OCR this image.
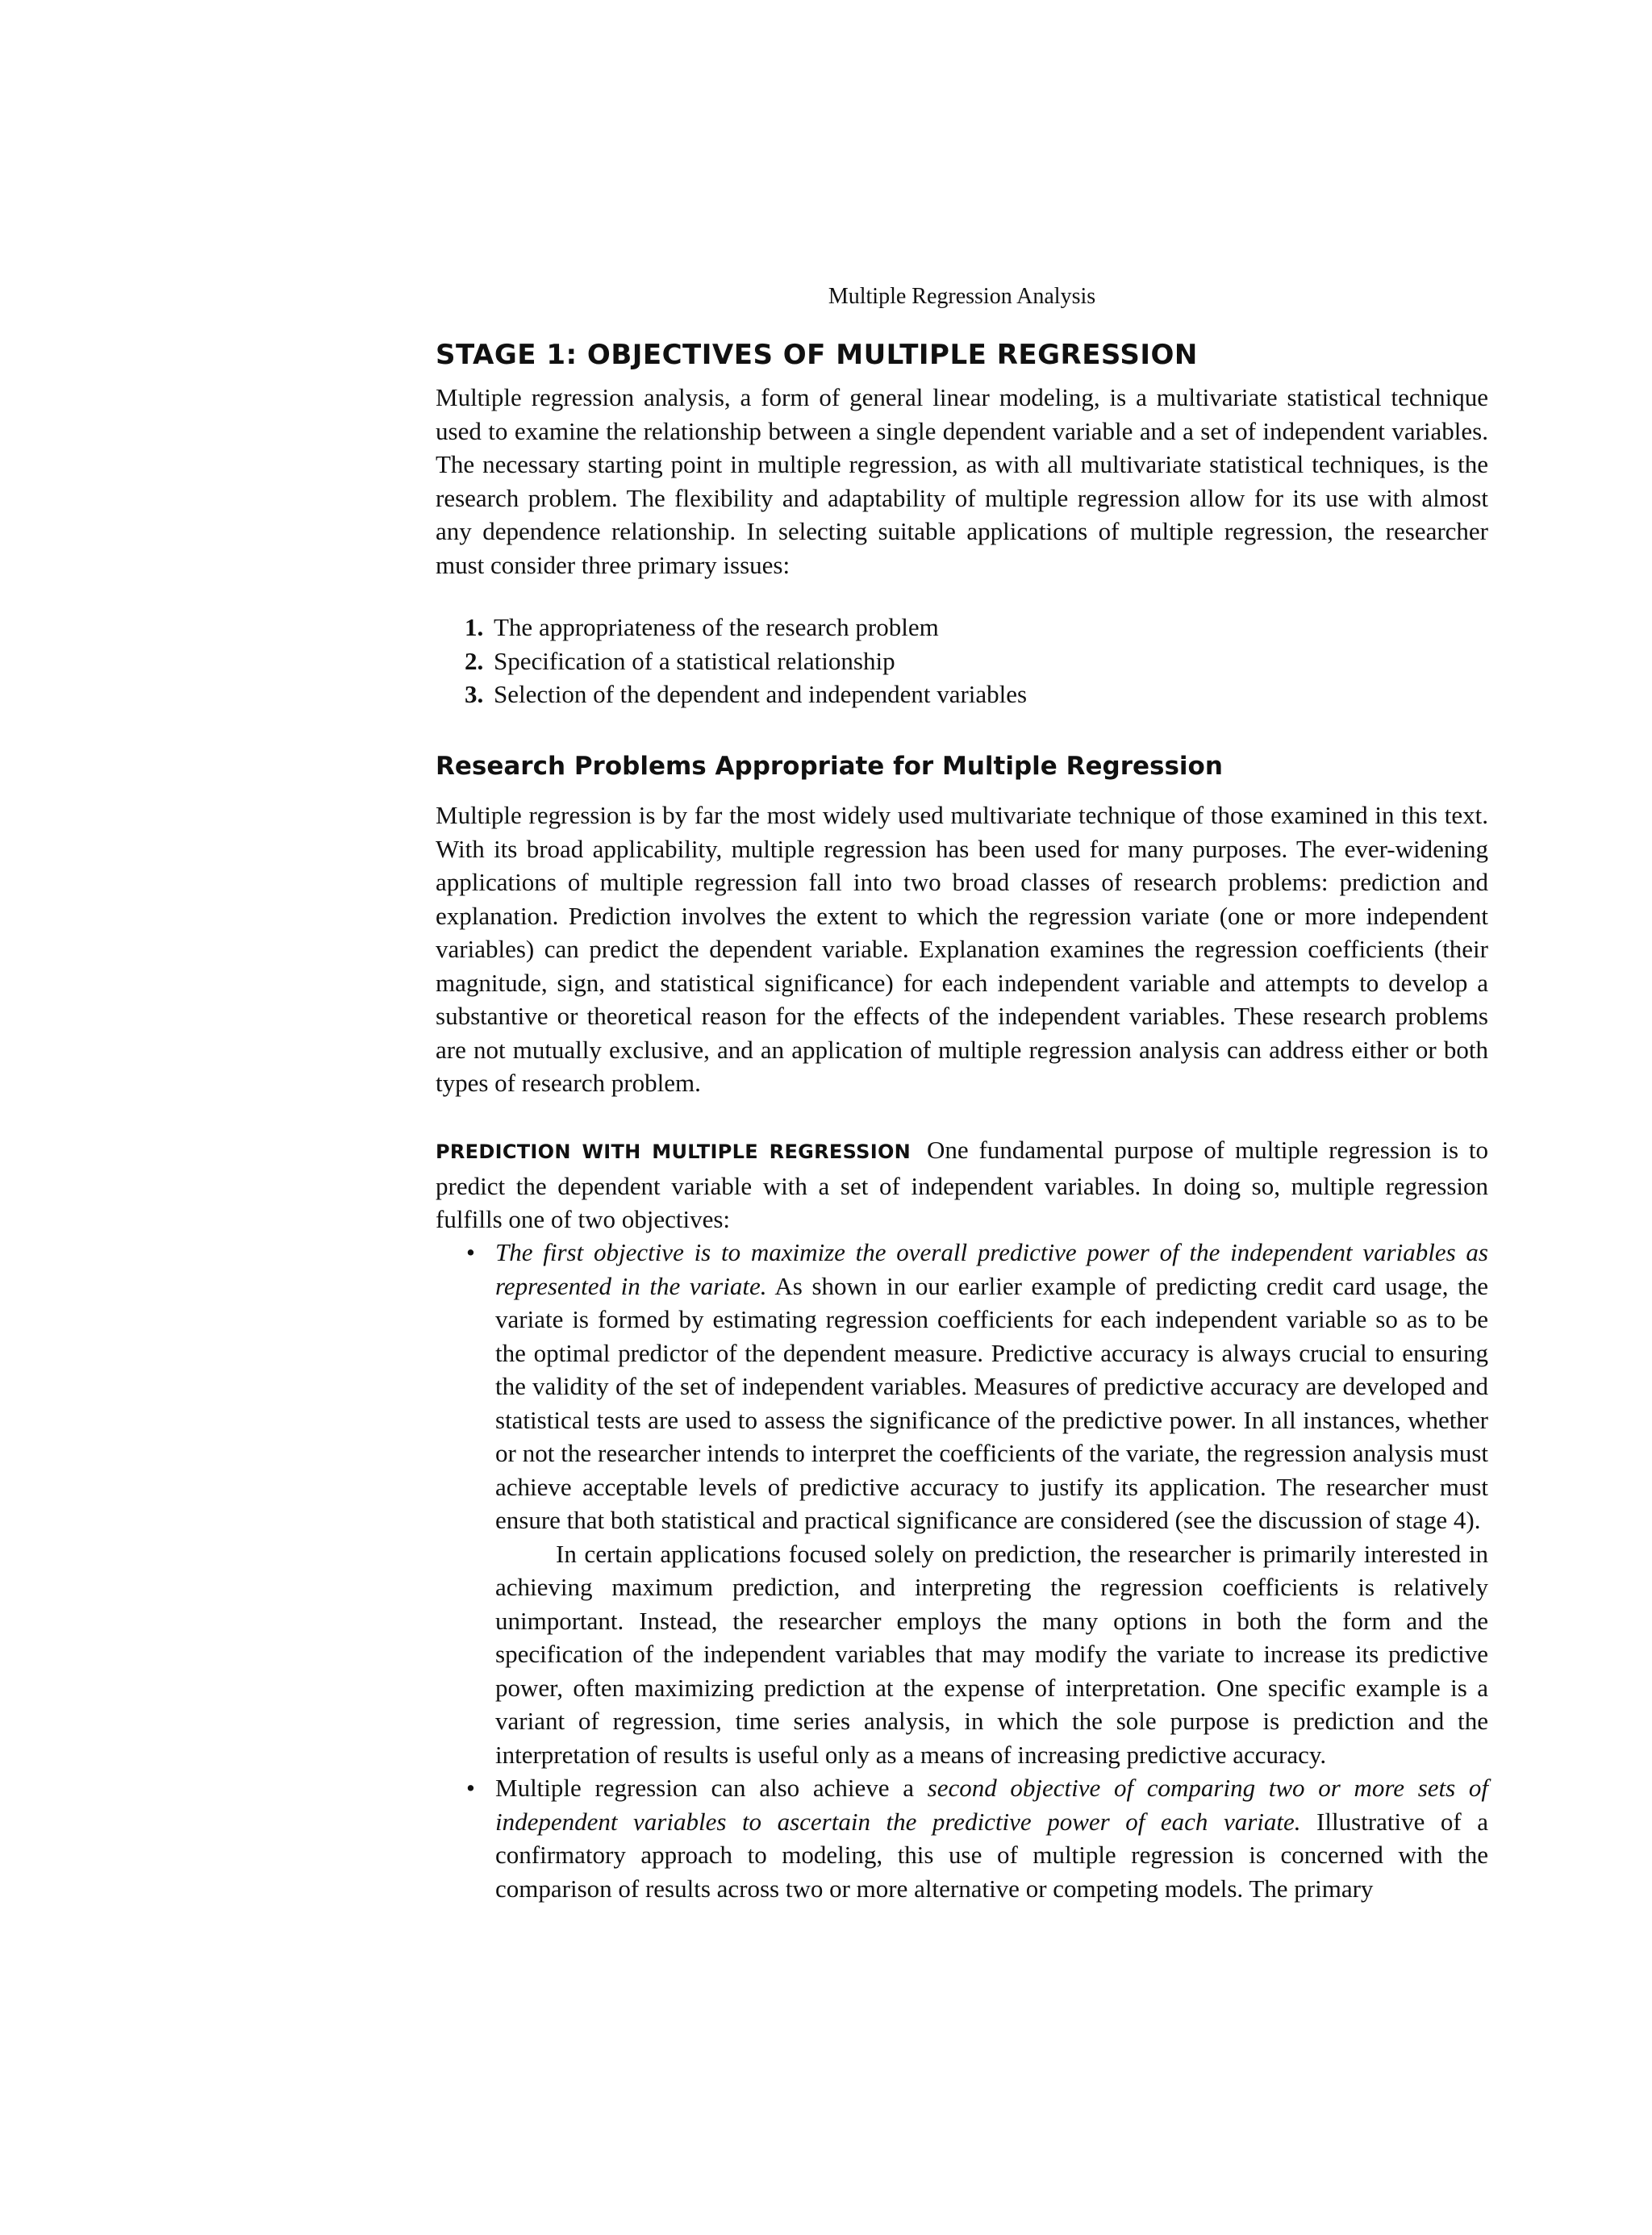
Multiple Regression Analysis

STAGE 1: OBJECTIVES OF MULTIPLE REGRESSION

Multiple regression analysis, a form of general linear modeling, is a multivariate statistical technique used to examine the relationship between a single dependent variable and a set of independent variables. The necessary starting point in multiple regression, as with all multivariate statistical techniques, is the research problem. The flexibility and adaptability of multiple regression allow for its use with almost any dependence relationship. In selecting suitable applications of multiple regression, the researcher must consider three primary issues:

1. The appropriateness of the research problem
2. Specification of a statistical relationship
3. Selection of the dependent and independent variables
Research Problems Appropriate for Multiple Regression

Multiple regression is by far the most widely used multivariate technique of those examined in this text. With its broad applicability, multiple regression has been used for many purposes. The ever-widening applications of multiple regression fall into two broad classes of research problems: prediction and explanation. Prediction involves the extent to which the regression variate (one or more independent variables) can predict the dependent variable. Explanation examines the regression coefficients (their magnitude, sign, and statistical significance) for each independent variable and attempts to develop a substantive or theoretical reason for the effects of the independent variables. These research problems are not mutually exclusive, and an application of multiple regression analysis can address either or both types of research problem.

PREDICTION WITH MULTIPLE REGRESSION One fundamental purpose of multiple regression is to predict the dependent variable with a set of independent variables. In doing so, multiple regression fulfills one of two objectives:

• The first objective is to maximize the overall predictive power of the independent variables as represented in the variate. As shown in our earlier example of predicting credit card usage, the variate is formed by estimating regression coefficients for each independent variable so as to be the optimal predictor of the dependent measure. Predictive accuracy is always crucial to ensuring the validity of the set of independent variables. Measures of predictive accuracy are developed and statistical tests are used to assess the significance of the predictive power. In all instances, whether or not the researcher intends to interpret the coefficients of the variate, the regression analysis must achieve acceptable levels of predictive accuracy to justify its application. The researcher must ensure that both statistical and practical significance are considered (see the discussion of stage 4).

In certain applications focused solely on prediction, the researcher is primarily interested in achieving maximum prediction, and interpreting the regression coefficients is relatively unimportant. Instead, the researcher employs the many options in both the form and the specification of the independent variables that may modify the variate to increase its predictive power, often maximizing prediction at the expense of interpretation. One specific example is a variant of regression, time series analysis, in which the sole purpose is prediction and the interpretation of results is useful only as a means of increasing predictive accuracy.

• Multiple regression can also achieve a second objective of comparing two or more sets of independent variables to ascertain the predictive power of each variate. Illustrative of a confirmatory approach to modeling, this use of multiple regression is concerned with the comparison of results across two or more alternative or competing models. The primary
